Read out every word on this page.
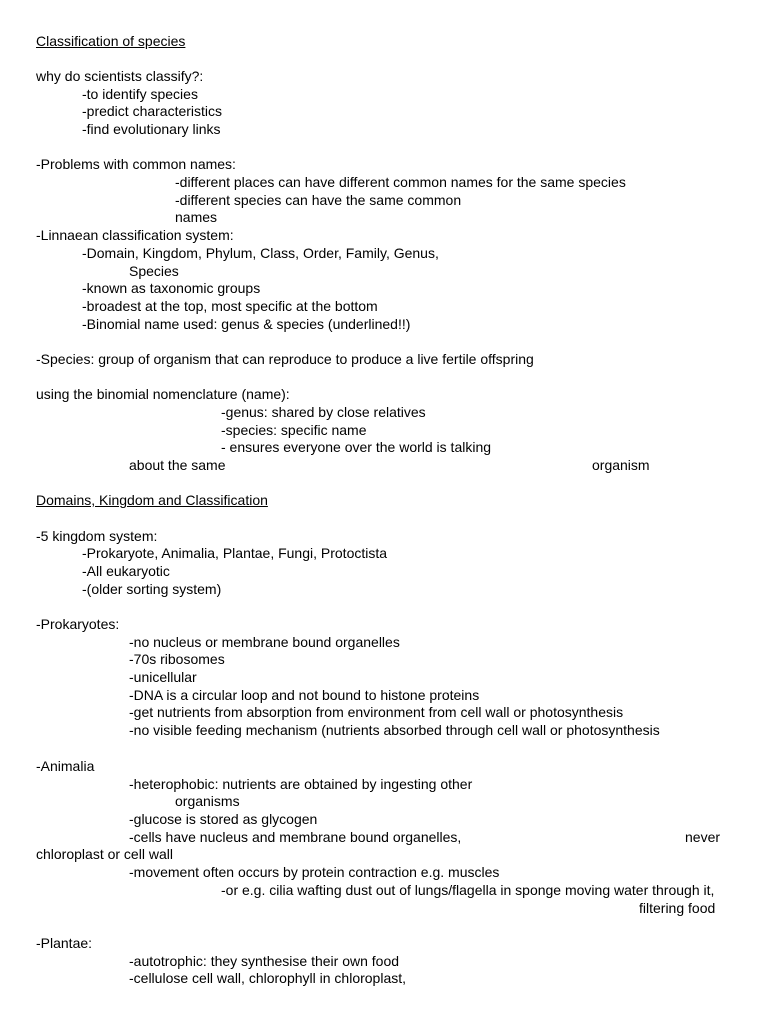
Classification of species
why do scientists classify?:
-to identify species
-predict characteristics
-find evolutionary links
-Problems with common names:
-different places can have different common names for the same species
-different species can have the same common
names
-Linnaean classification system:
-Domain, Kingdom, Phylum, Class, Order, Family, Genus,
Species
-known as taxonomic groups
-broadest at the top, most specific at the bottom
-Binomial name used: genus & species (underlined!!)
-Species: group of organism that can reproduce to produce a live fertile offspring
using the binomial nomenclature (name):
-genus: shared by close relatives
-species: specific name
- ensures everyone over the world is talking
about the same	organism
Domains, Kingdom and Classification
-5 kingdom system:
-Prokaryote, Animalia, Plantae, Fungi, Protoctista
-All eukaryotic
-(older sorting system)
-Prokaryotes:
-no nucleus or membrane bound organelles
-70s ribosomes
-unicellular
-DNA is a circular loop and not bound to histone proteins
-get nutrients from absorption from environment from cell wall or photosynthesis
-no visible feeding mechanism (nutrients absorbed through cell wall or photosynthesis
-Animalia
-heterophobic: nutrients are obtained by ingesting other
organisms
-glucose is stored as glycogen
-cells have nucleus and membrane bound organelles,	never
chloroplast or cell wall
-movement often occurs by protein contraction e.g. muscles
-or e.g. cilia wafting dust out of lungs/flagella in sponge moving water through it,
filtering food
-Plantae:
-autotrophic: they synthesise their own food
-cellulose cell wall, chlorophyll in chloroplast,
